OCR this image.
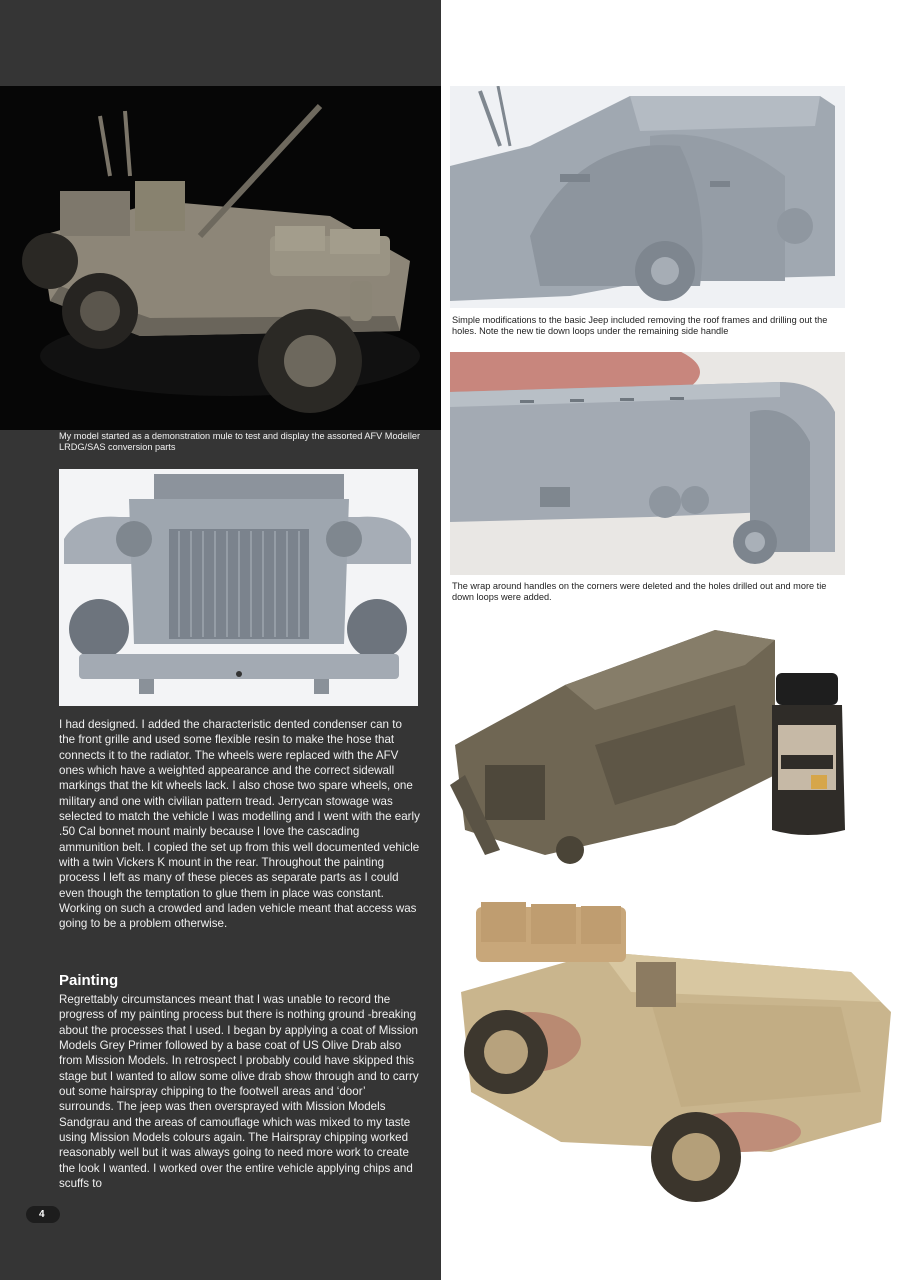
My model started as a demonstration mule to test and display the assorted AFV Modeller LRDG/SAS conversion parts

I had designed. I added the characteristic dented condenser can to the front grille and used some flexible resin to make the hose that connects it to the radiator. The wheels were replaced with the AFV ones which have a weighted appearance and the correct sidewall markings that the kit wheels lack. I also chose two spare wheels, one military and one with civilian pattern tread. Jerrycan stowage was selected to match the vehicle I was modelling and I went with the early .50 Cal bonnet mount mainly because I love the cascading ammunition belt. I copied the set up from this well documented vehicle with a twin Vickers K mount in the rear. Throughout the painting process I left as many of these pieces as separate parts as I could even though the temptation to glue them in place was constant. Working on such a crowded and laden vehicle meant that access was going to be a problem otherwise.

Painting

Regrettably circumstances meant that I was unable to record the progress of my painting process but there is nothing ground -breaking about the processes that I used. I began by applying a coat of Mission Models Grey Primer followed by a base coat of US Olive Drab also from Mission Models. In retrospect I probably could have skipped this stage but I wanted to allow some olive drab show through and to carry out some hairspray chipping to the footwell areas and ‘door’ surrounds. The jeep was then oversprayed with Mission Models Sandgrau and the areas of camouflage which was mixed to my taste using Mission Models colours again. The Hairspray chipping worked reasonably well but it was always going to need more work to create the look I wanted. I worked over the entire vehicle applying chips and scuffs to

4
Simple modifications to the basic Jeep included removing the roof frames and drilling out the holes. Note the new tie down loops under the remaining side handle
The wrap around handles on the corners were deleted and the holes drilled out and more tie down loops were added.
